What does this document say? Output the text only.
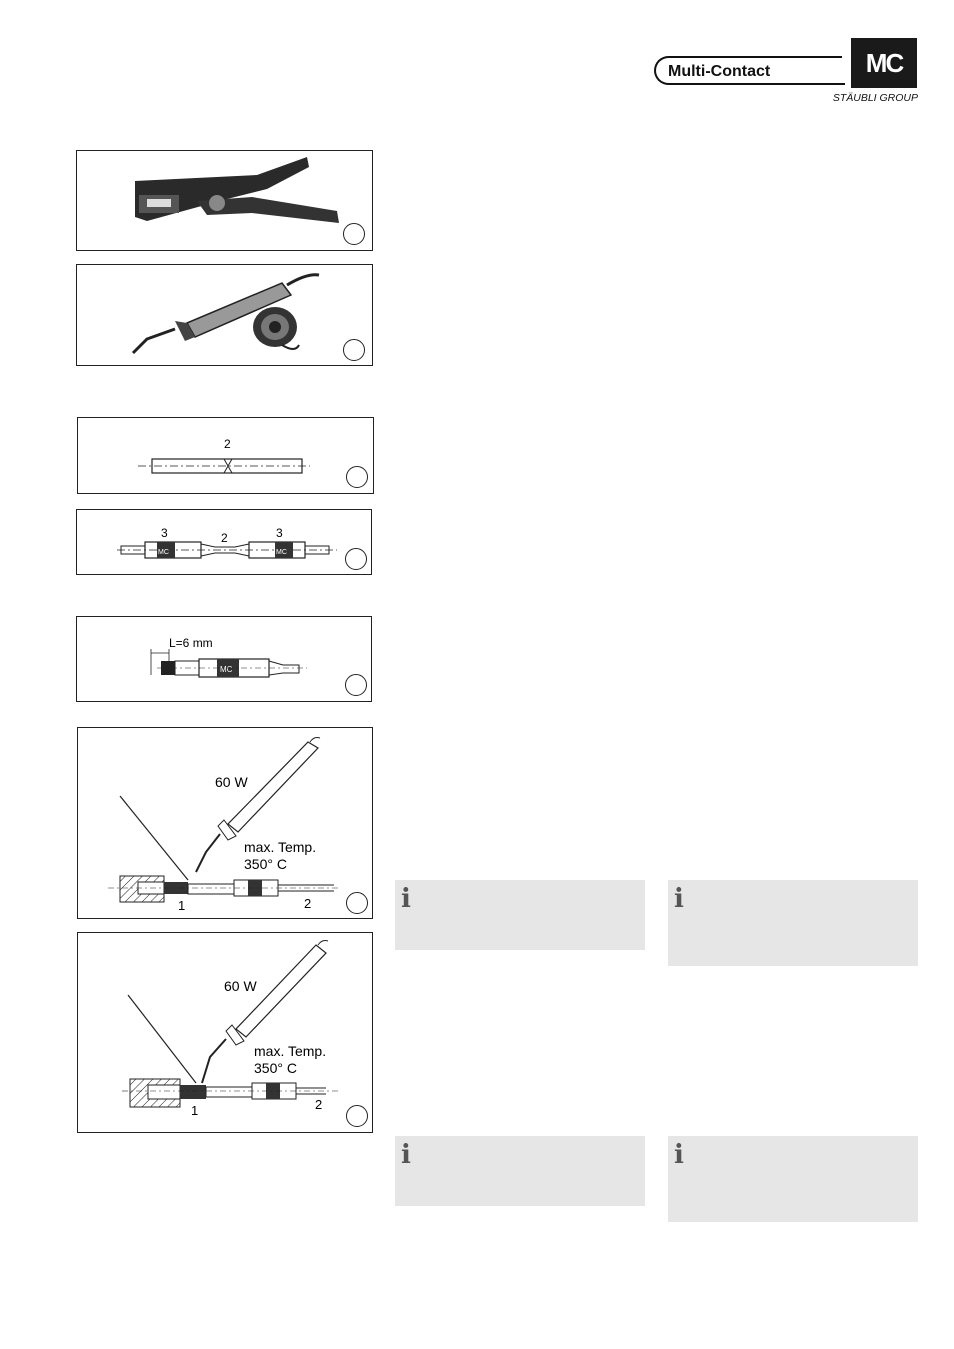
Multi-Contact	MC
STÄUBLI GROUP
2
3	2	3
MC	MC
L=6 mm
MC
60 W
max. Temp.
350° C
1	2
60 W
max. Temp.
350° C
1	2
i	i
i	i
